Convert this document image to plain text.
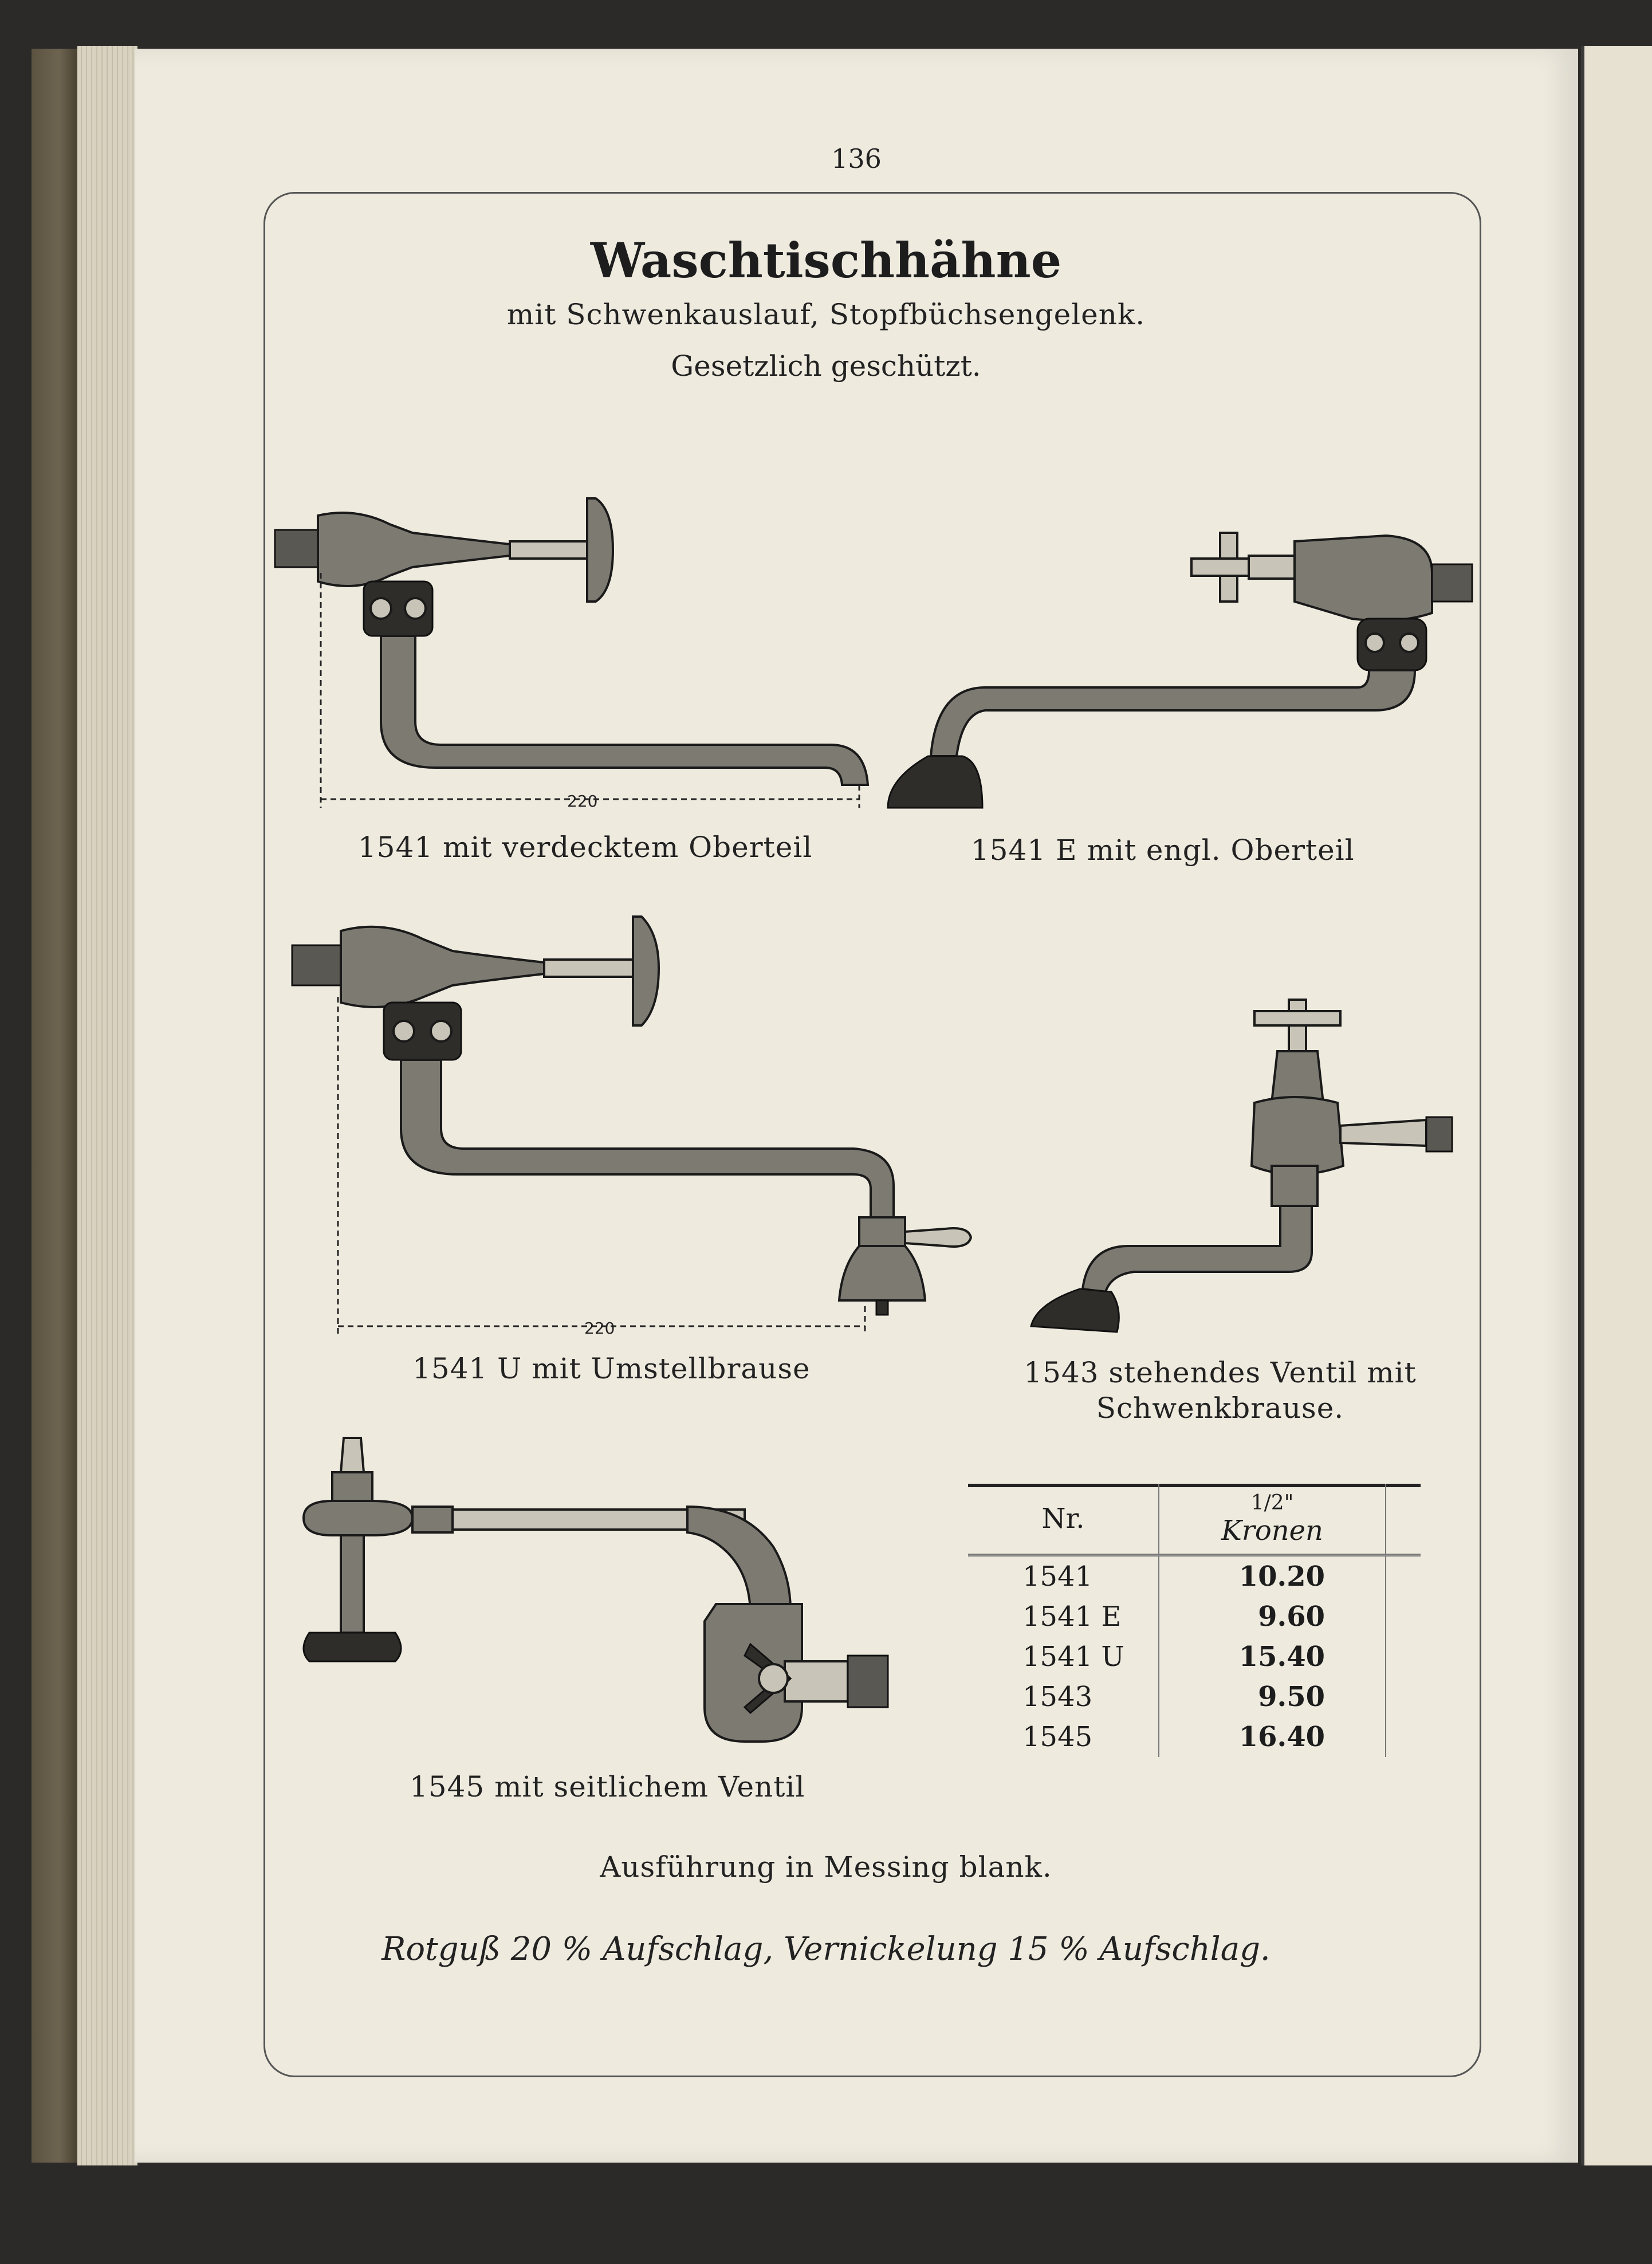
136
Waschtischhähne
mit Schwenkauslauf, Stopfbüchsengelenk.
Gesetzlich geschützt.
220
1541 mit verdecktem Oberteil	1541 E mit engl. Oberteil
220
1541 U mit Umstellbrause	1543 stehendes Ventil mit Schwenkbrause.
1545 mit seitlichem Ventil
Nr.	1/2"
Kronen	
1541	10.20	
1541 E	9.60	
1541 U	15.40	
1543	9.50	
1545	16.40	
Ausführung in Messing blank.
Rotguß 20 % Aufschlag, Vernickelung 15 % Aufschlag.
